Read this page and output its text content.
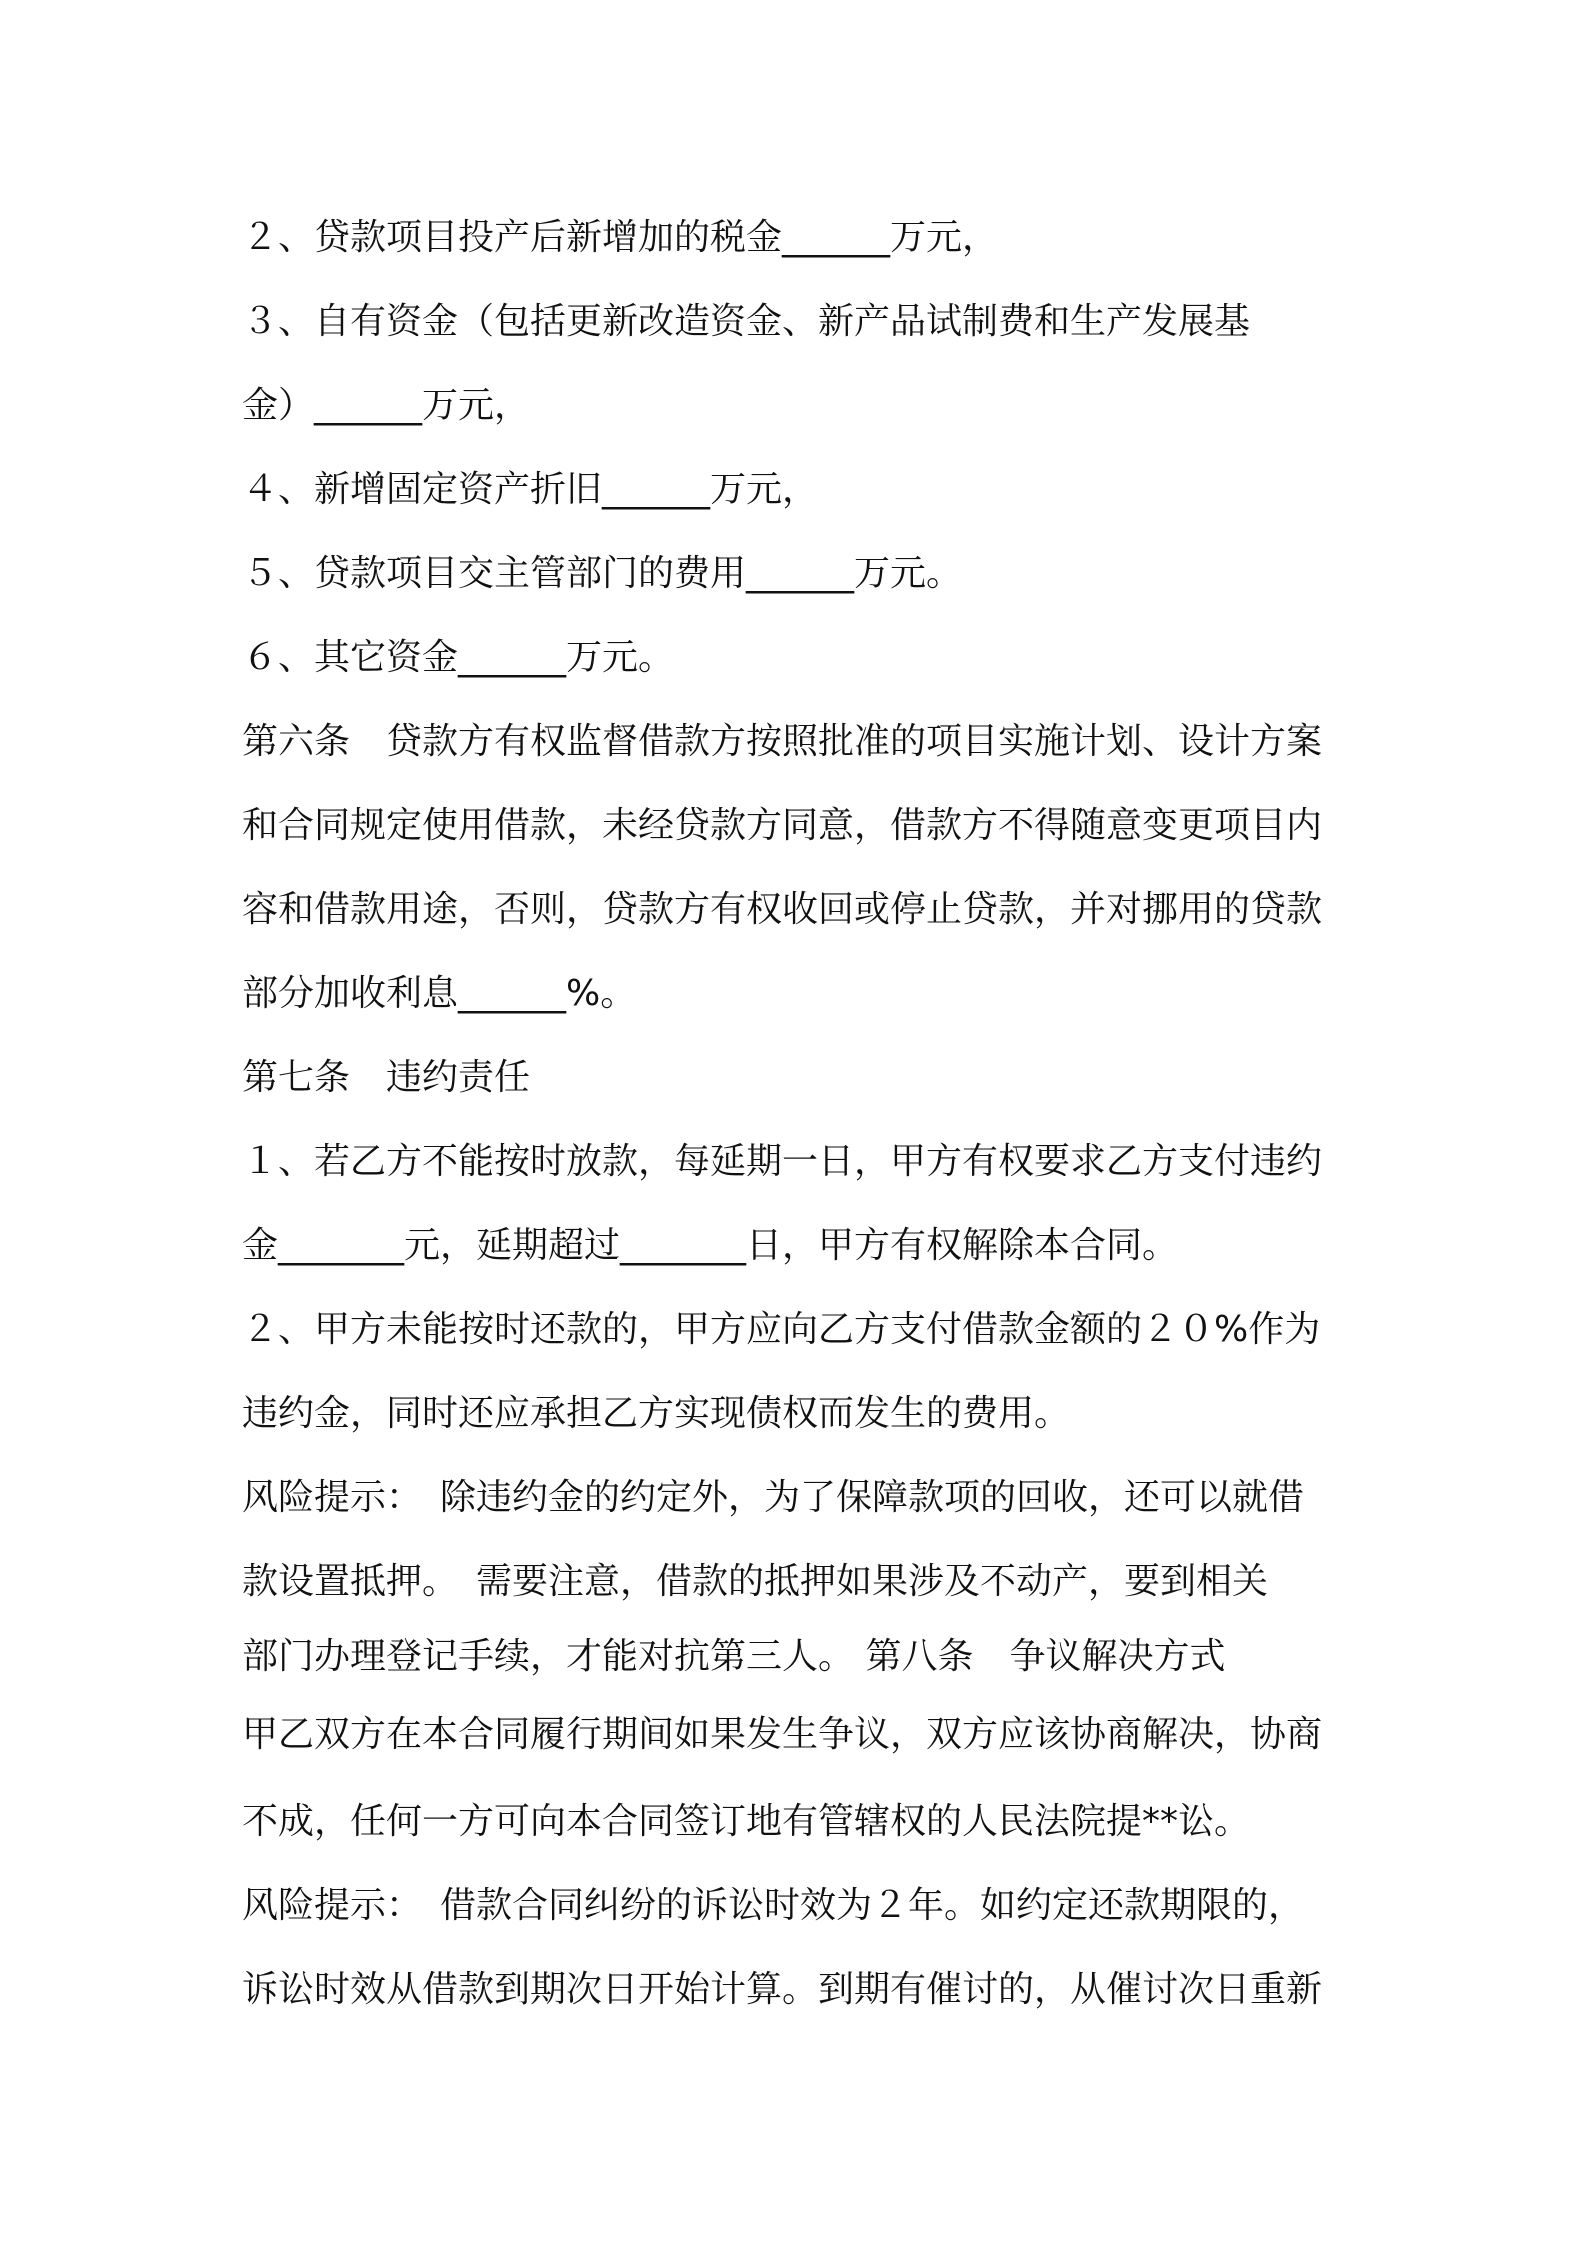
２、贷款项目投产后新增加的税金______万元，
３、自有资金（包括更新改造资金、新产品试制费和生产发展基
金）______万元，
４、新增固定资产折旧______万元，
５、贷款项目交主管部门的费用______万元。
６、其它资金______万元。
第六条　贷款方有权监督借款方按照批准的项目实施计划、设计方案
和合同规定使用借款，未经贷款方同意，借款方不得随意变更项目内
容和借款用途，否则，贷款方有权收回或停止贷款，并对挪用的贷款
部分加收利息______%。
第七条　违约责任
１、若乙方不能按时放款，每延期一日，甲方有权要求乙方支付违约
金_______元，延期超过_______日，甲方有权解除本合同。
２、甲方未能按时还款的，甲方应向乙方支付借款金额的２０%作为
违约金，同时还应承担乙方实现债权而发生的费用。
风险提示：　除违约金的约定外，为了保障款项的回收，还可以就借
款设置抵押。　需要注意，借款的抵押如果涉及不动产，要到相关
部门办理登记手续，才能对抗第三人。 第八条　争议解决方式
甲乙双方在本合同履行期间如果发生争议，双方应该协商解决，协商
不成，任何一方可向本合同签订地有管辖权的人民法院提**讼。
风险提示：　借款合同纠纷的诉讼时效为２年。如约定还款期限的，
诉讼时效从借款到期次日开始计算。到期有催讨的，从催讨次日重新
